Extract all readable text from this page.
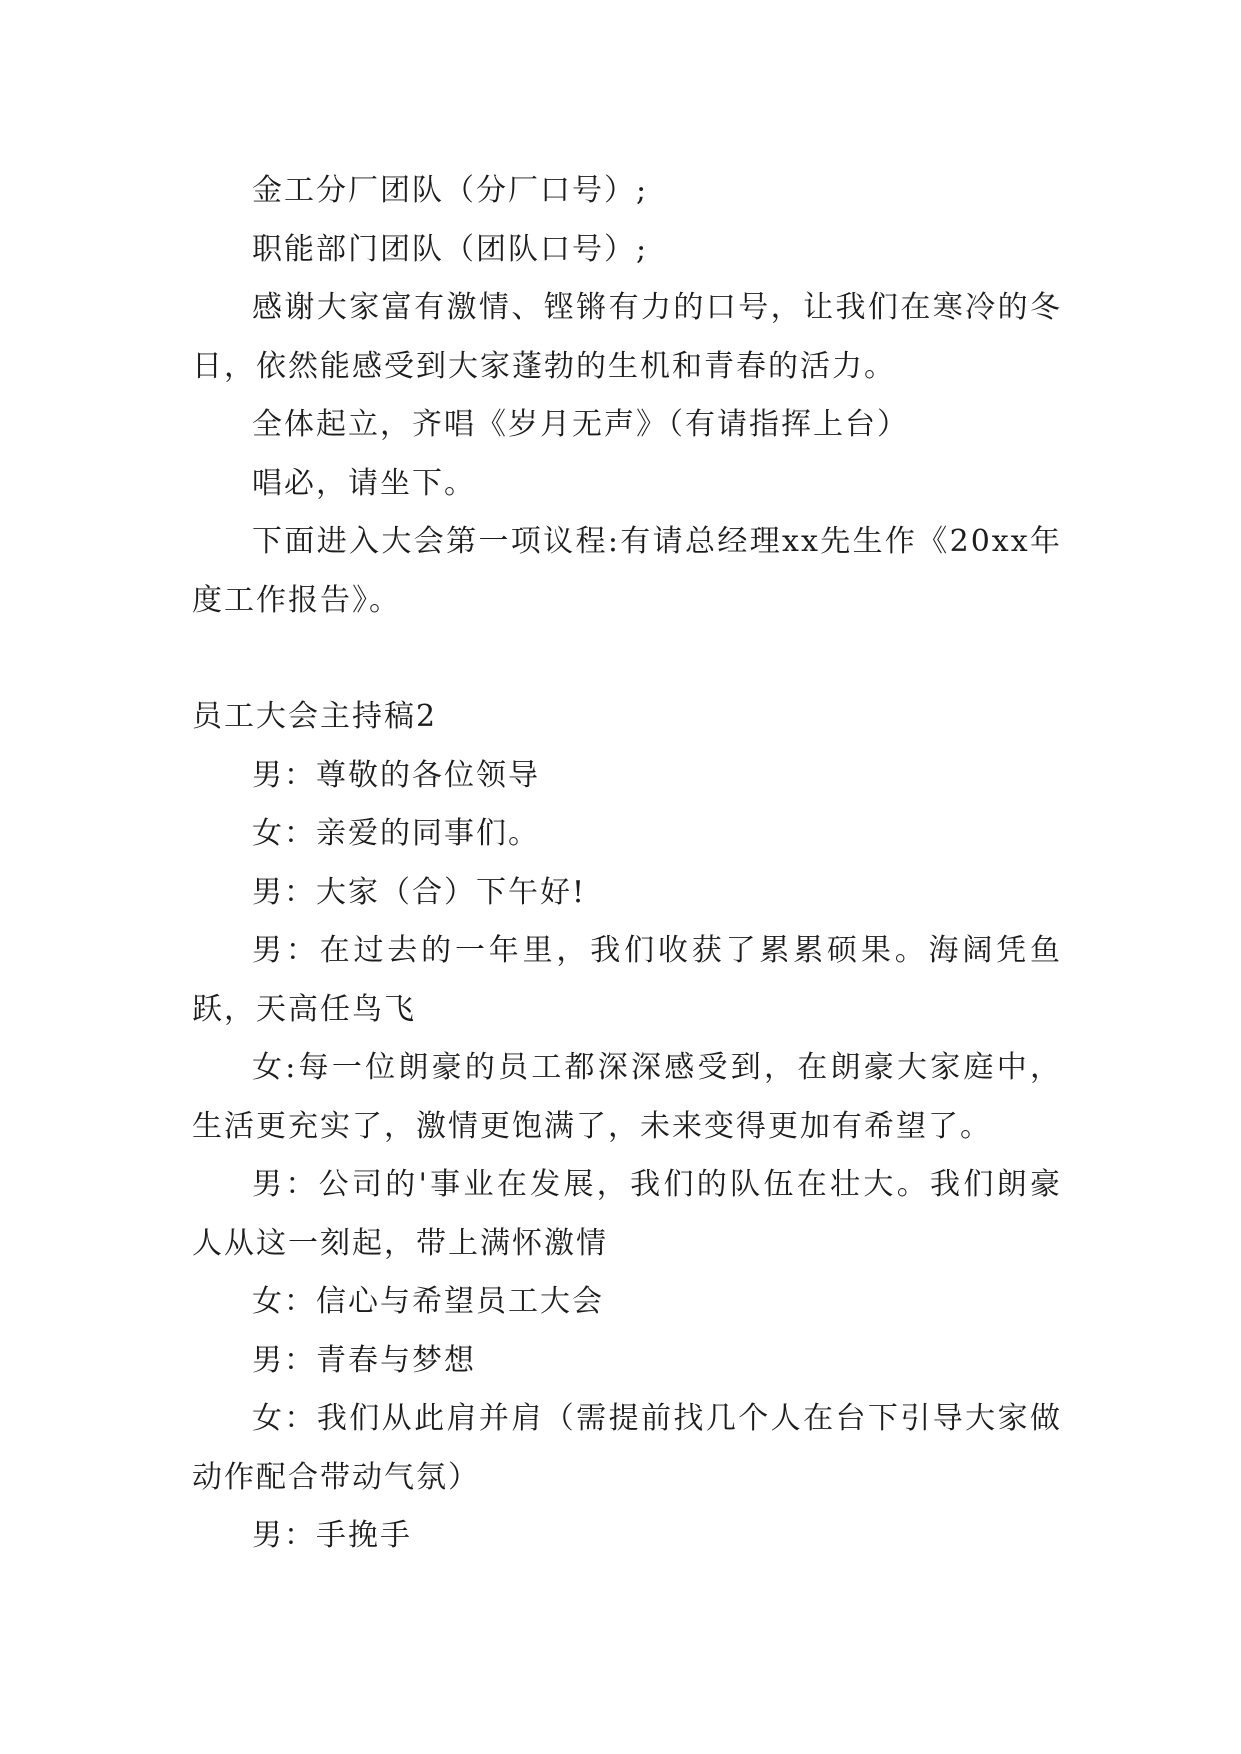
金工分厂团队（分厂口号）;

职能部门团队（团队口号）;

感谢大家富有激情、铿锵有力的口号，让我们在寒冷的冬日，依然能感受到大家蓬勃的生机和青春的活力。

全体起立，齐唱《岁月无声》（有请指挥上台）

唱必，请坐下。

下面进入大会第一项议程:有请总经理xx先生作《20xx年度工作报告》。

员工大会主持稿2

男：尊敬的各位领导

女：亲爱的同事们。

男：大家（合）下午好!

男：在过去的一年里，我们收获了累累硕果。海阔凭鱼跃，天高任鸟飞

女:每一位朗豪的员工都深深感受到，在朗豪大家庭中，生活更充实了，激情更饱满了，未来变得更加有希望了。

男：公司的'事业在发展，我们的队伍在壮大。我们朗豪人从这一刻起，带上满怀激情

女：信心与希望员工大会

男：青春与梦想

女：我们从此肩并肩（需提前找几个人在台下引导大家做动作配合带动气氛）

男：手挽手
